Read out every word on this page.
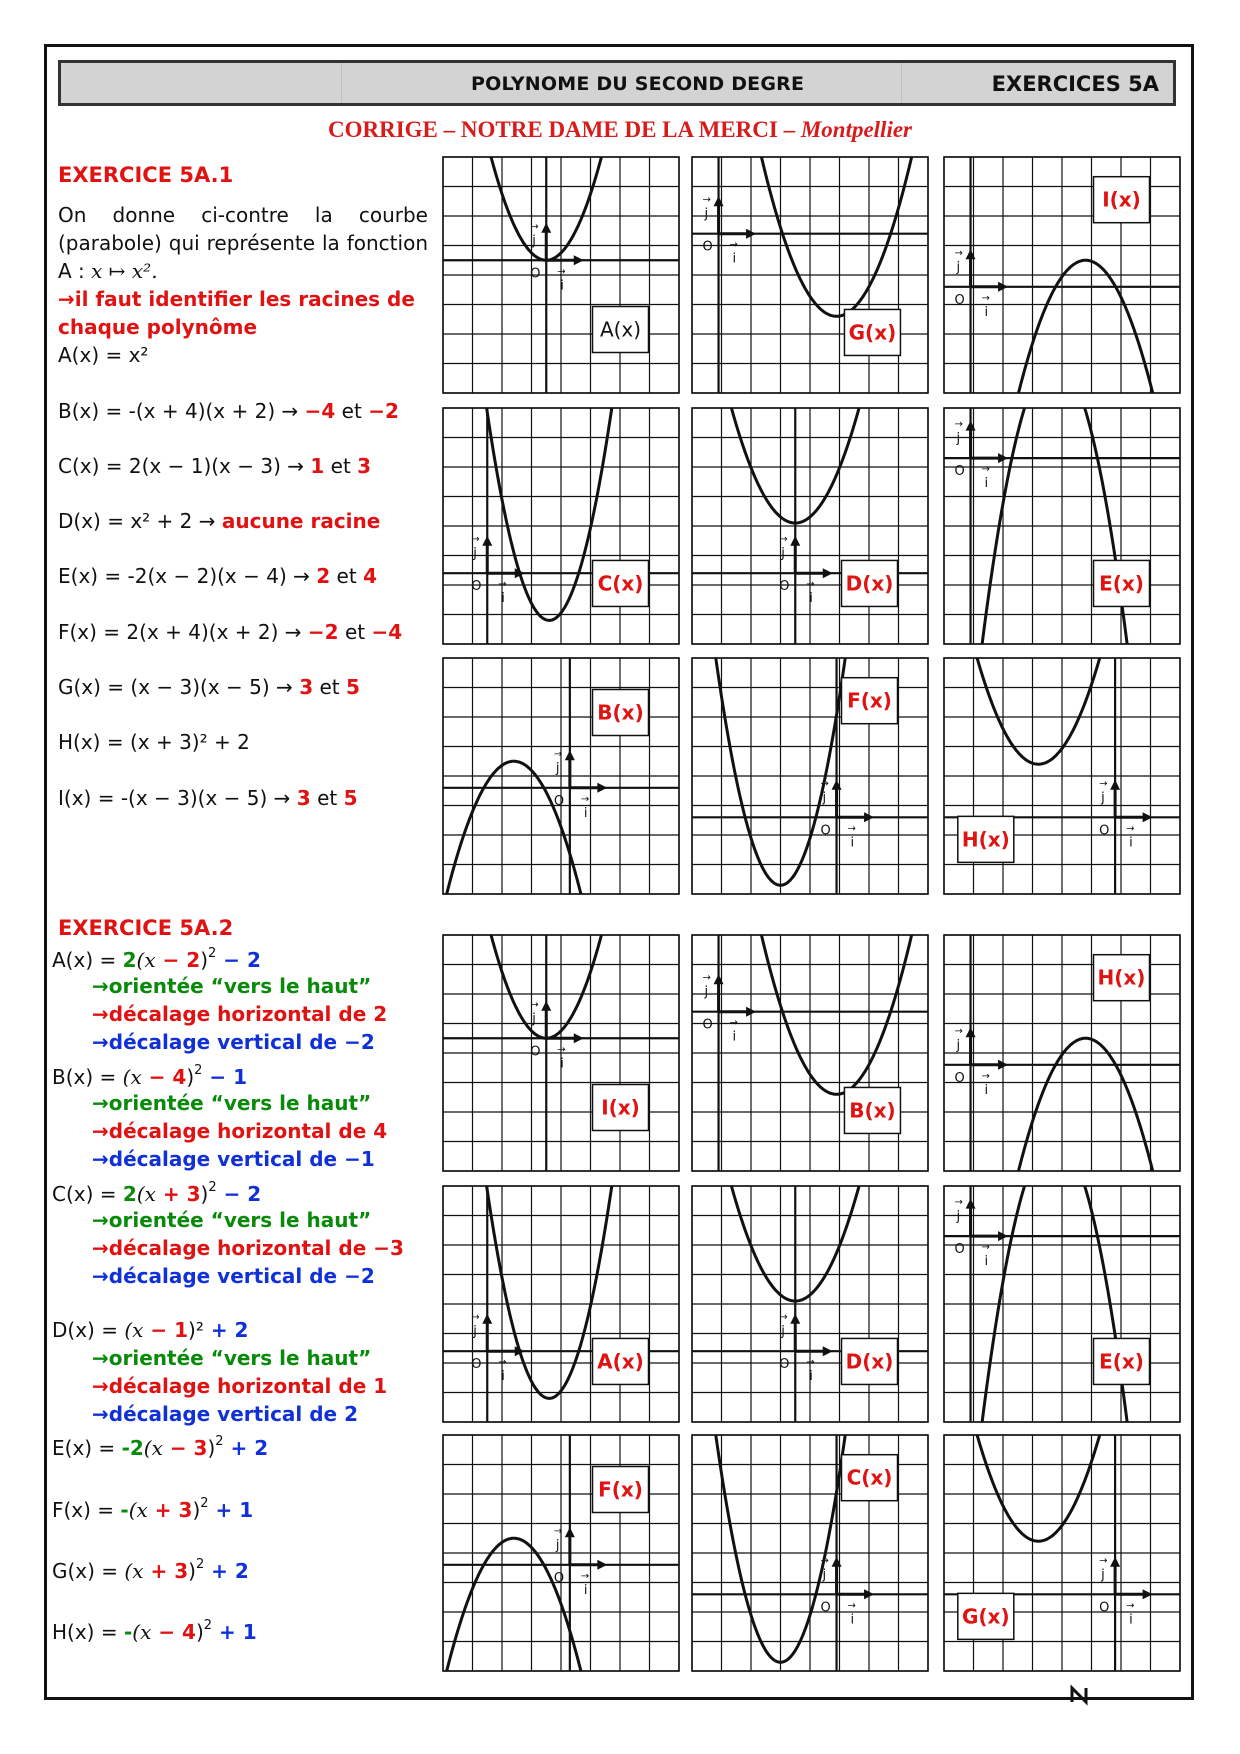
POLYNOME DU SECOND DEGRE	EXERCICES 5A
CORRIGE – NOTRE DAME DE LA MERCI – Montpellier
EXERCICE 5A.1
On donne ci-contre la courbe (parabole) qui représente la fonction A : x ↦ x².
→il faut identifier les racines de chaque polynôme
A(x) = x²
B(x) = -(x + 4)(x + 2) → −4 et −2
C(x) = 2(x − 1)(x − 3) → 1 et 3
D(x) = x² + 2 → aucune racine
E(x) = -2(x − 2)(x − 4) → 2 et 4
F(x) = 2(x + 4)(x + 2) → −2 et −4
G(x) = (x − 3)(x − 5) → 3 et 5
H(x) = (x + 3)² + 2
I(x) = -(x − 3)(x − 5) → 3 et 5
EXERCICE 5A.2
$A(x) = 2(x - 2)^2 - 2$
→orientée “vers le haut”
→décalage horizontal de 2
→décalage vertical de −2
$B(x) = (x - 4)^2 - 1$
→orientée “vers le haut”
→décalage horizontal de 4
→décalage vertical de −1
$C(x) = 2(x + 3)^2 - 2$
→orientée “vers le haut”
→décalage horizontal de −3
→décalage vertical de −2
D(x) = (x − 1)² + 2
→orientée “vers le haut”
→décalage horizontal de 1
→décalage vertical de 2
$E(x) = -2(x - 3)^2 + 2$
$F(x) = -(x + 3)^2 + 1$
$G(x) = (x + 3)^2 + 2$
$H(x) = -(x - 4)^2 + 1$
O
j
→
i
→
A(x)
O
j
→
i
→
G(x)
O
j
→
i
→
I(x)
O
j
→
i
→	C(x)	O
j
→
i
→ D(x)
O
j
→
i
→
E(x)
O
j
→
i
→
B(x)
O
j
→
i
→
F(x)
O
j
→
i
→
H(x)
O
j
→
i
→
I(x)
O
j
→
i
→
B(x)
O
j
→
i
→
H(x)
O
j
→
i
→	A(x)	O
j
→
i
→ D(x)
O
j
→
i
→
E(x)
O
j
→
i
→
F(x)
O
j
→
i
→
C(x)
O
j
→
i
→
G(x)
